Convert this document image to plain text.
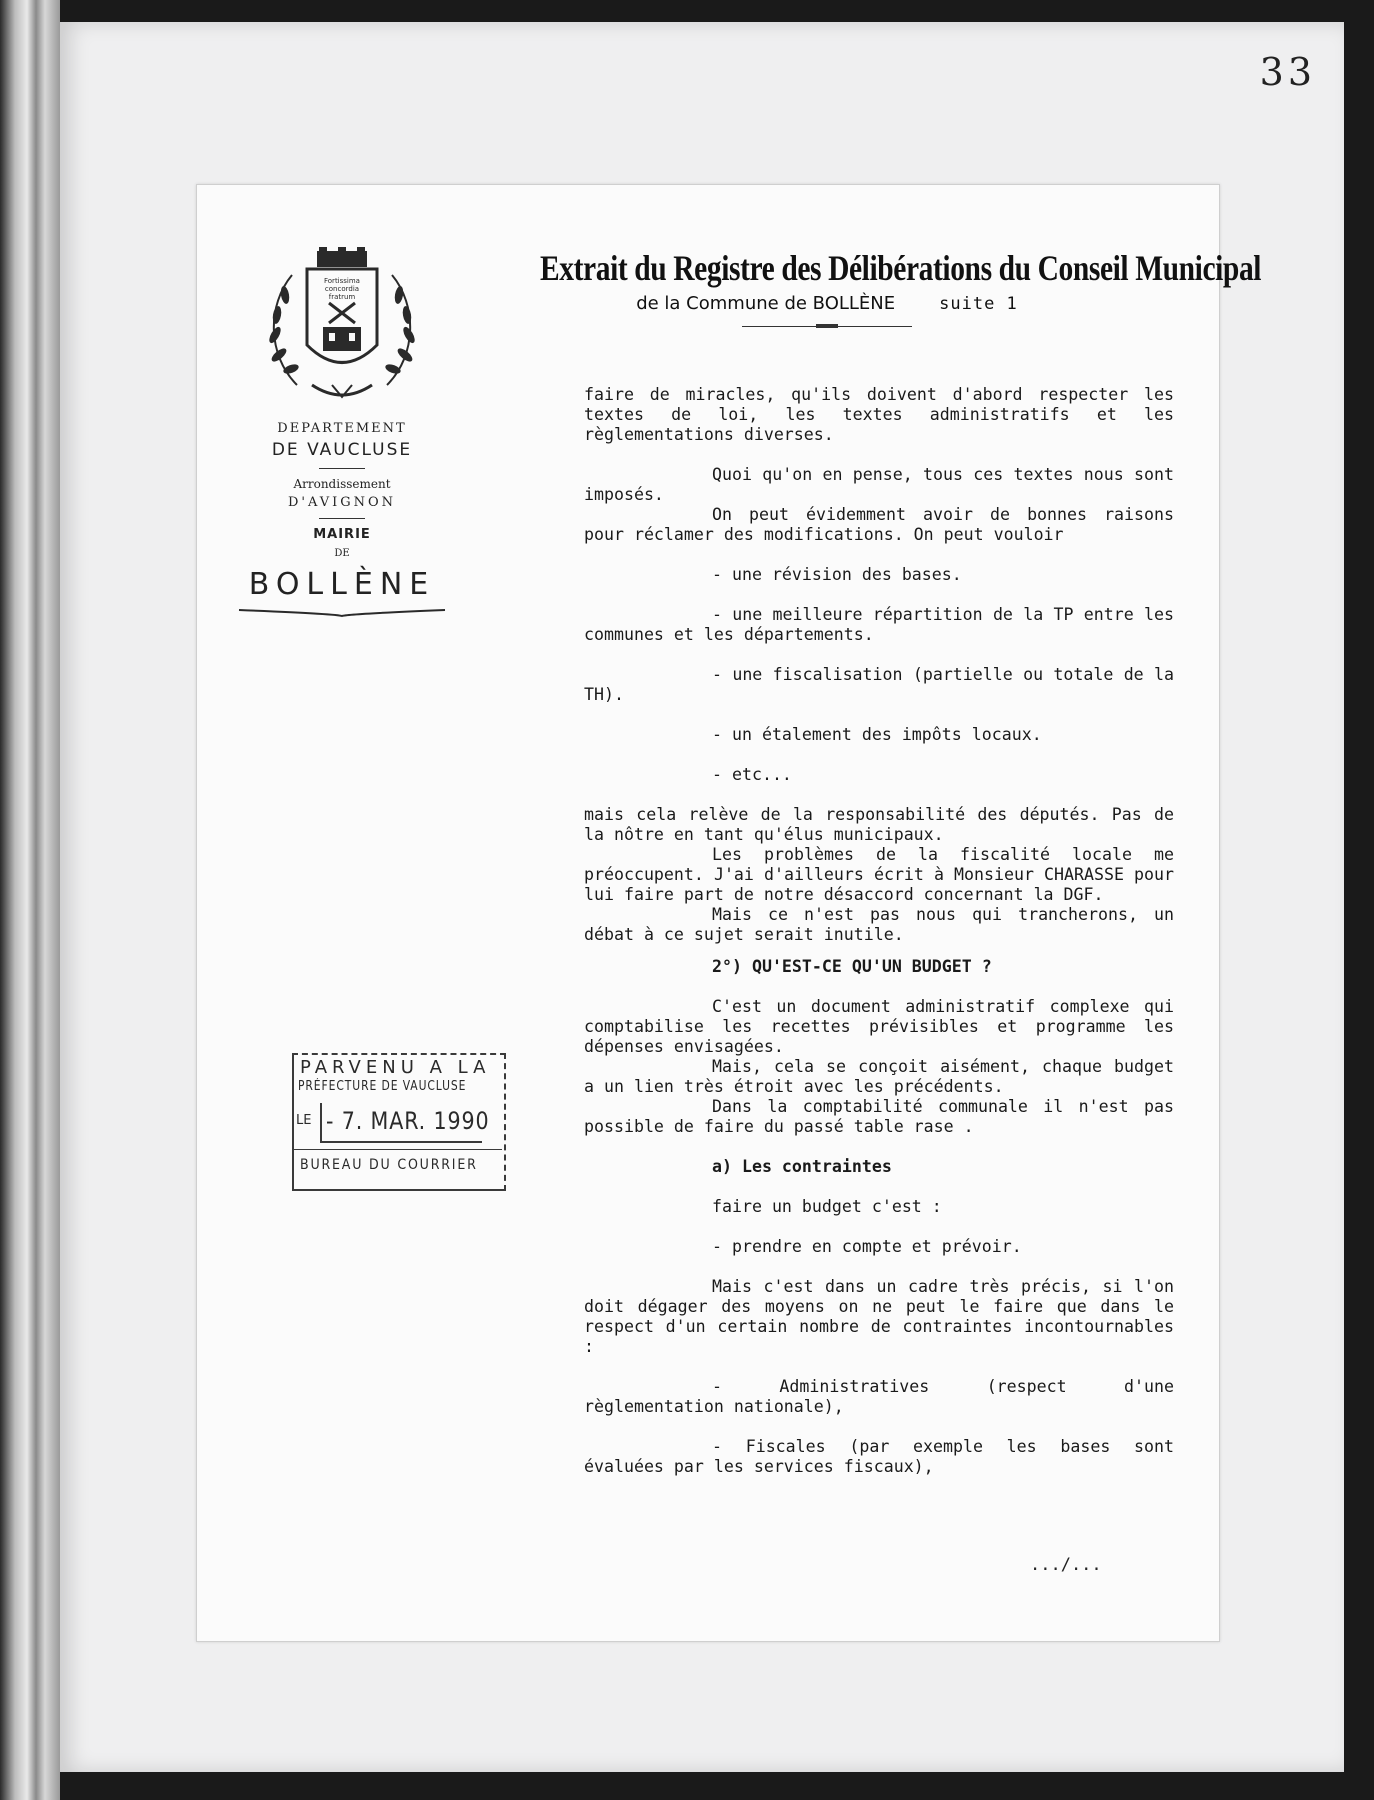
33
Fortissima
concordia
fratrum
DEPARTEMENT
DE VAUCLUSE
Arrondissement
D'AVIGNON
MAIRIE
DE
BOLLÈNE
Extrait du Registre des Délibérations du Conseil Municipal
de la Commune de BOLLÈNE	suite 1

faire de miracles, qu'ils doivent d'abord respecter les textes de loi, les textes administratifs et les règlementations diverses.

Quoi qu'on en pense, tous ces textes nous sont imposés.

On peut évidemment avoir de bonnes raisons pour réclamer des modifications. On peut vouloir

- une révision des bases.

- une meilleure répartition de la TP entre les communes et les départements.

- une fiscalisation (partielle ou totale de la TH).

- un étalement des impôts locaux.

- etc...

mais cela relève de la responsabilité des députés. Pas de la nôtre en tant qu'élus municipaux.

Les problèmes de la fiscalité locale me préoccupent. J'ai d'ailleurs écrit à Monsieur CHARASSE pour lui faire part de notre désaccord concernant la DGF.

Mais ce n'est pas nous qui trancherons, un débat à ce sujet serait inutile.

2°) QU'EST-CE QU'UN BUDGET ?

C'est un document administratif complexe qui comptabilise les recettes prévisibles et programme les dépenses envisagées.

Mais, cela se conçoit aisément, chaque budget a un lien très étroit avec les précédents.

Dans la comptabilité communale il n'est pas possible de faire du passé table rase .

a) Les contraintes

faire un budget c'est :

- prendre en compte et prévoir.

Mais c'est dans un cadre très précis, si l'on doit dégager des moyens on ne peut le faire que dans le respect d'un certain nombre de contraintes incontournables :

- Administratives (respect d'une règlementation nationale),

- Fiscales (par exemple les bases sont évaluées par les services fiscaux),

.../...
PARVENU A LA
PRÉFECTURE DE VAUCLUSE
LE - 7. MAR. 1990
BUREAU DU COURRIER
